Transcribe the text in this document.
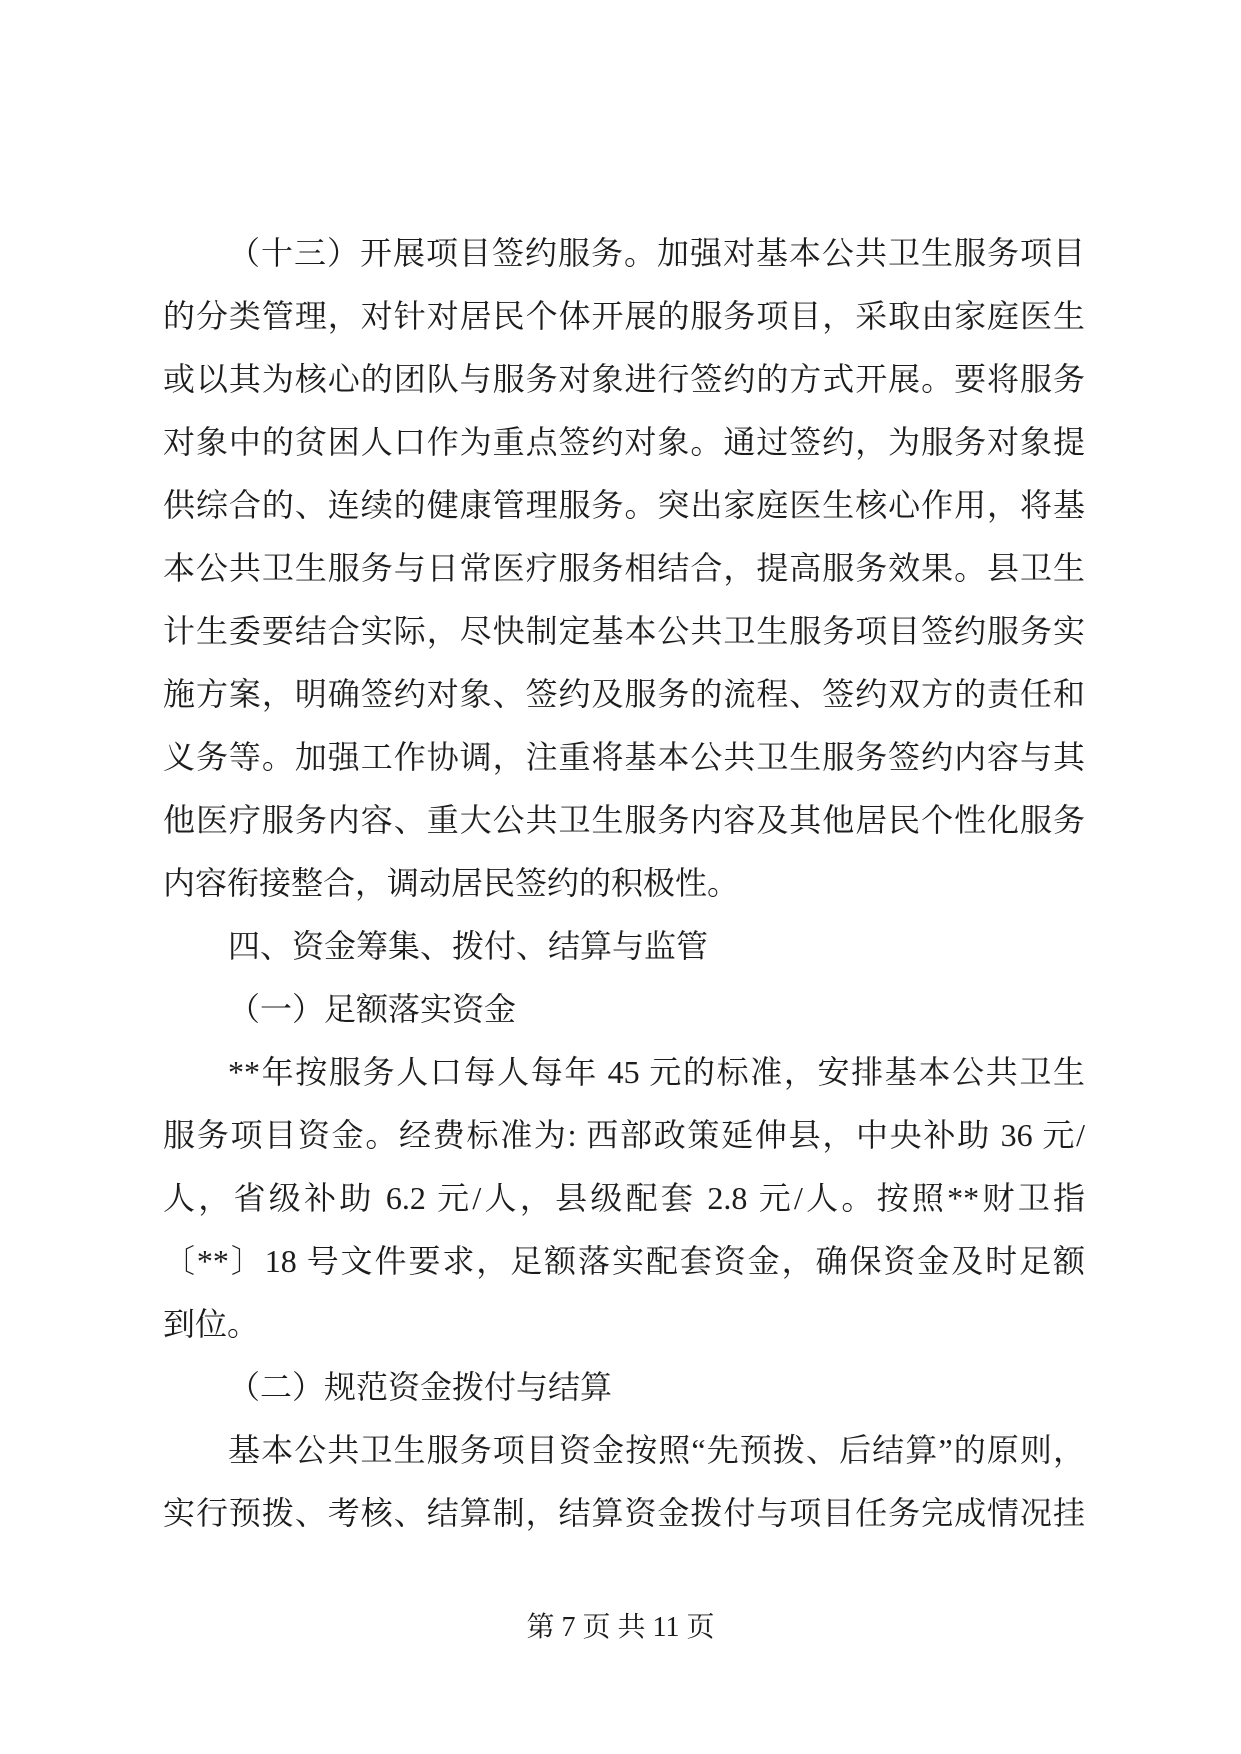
（十三）开展项目签约服务。加强对基本公共卫生服务项目
的分类管理，对针对居民个体开展的服务项目，采取由家庭医生
或以其为核心的团队与服务对象进行签约的方式开展。要将服务
对象中的贫困人口作为重点签约对象。通过签约，为服务对象提
供综合的、连续的健康管理服务。突出家庭医生核心作用，将基
本公共卫生服务与日常医疗服务相结合，提高服务效果。县卫生
计生委要结合实际，尽快制定基本公共卫生服务项目签约服务实
施方案，明确签约对象、签约及服务的流程、签约双方的责任和
义务等。加强工作协调，注重将基本公共卫生服务签约内容与其
他医疗服务内容、重大公共卫生服务内容及其他居民个性化服务
内容衔接整合，调动居民签约的积极性。
四、资金筹集、拨付、结算与监管
（一）足额落实资金
**年按服务人口每人每年 45 元的标准，安排基本公共卫生
服务项目资金。经费标准为: 西部政策延伸县，中央补助 36 元/
人，省级补助 6.2 元/人，县级配套 2.8 元/人。按照**财卫指
〔**〕18 号文件要求，足额落实配套资金，确保资金及时足额
到位。
（二）规范资金拨付与结算
基本公共卫生服务项目资金按照“先预拨、后结算”的原则，
实行预拨、考核、结算制，结算资金拨付与项目任务完成情况挂
第 7 页 共 11 页
